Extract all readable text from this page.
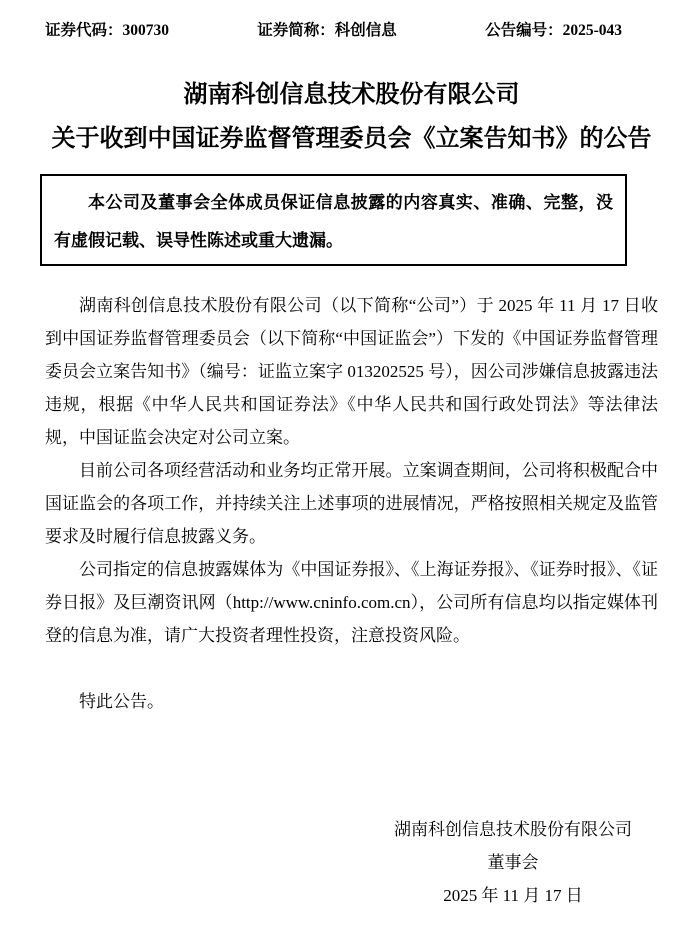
证券代码：300730	证券简称：科创信息	公告编号：2025-043
湖南科创信息技术股份有限公司
关于收到中国证券监督管理委员会《立案告知书》的公告

本公司及董事会全体成员保证信息披露的内容真实、准确、完整，没有虚假记载、误导性陈述或重大遗漏。

湖南科创信息技术股份有限公司（以下简称“公司”）于 2025 年 11 月 17 日收到中国证券监督管理委员会（以下简称“中国证监会”）下发的《中国证券监督管理委员会立案告知书》（编号：证监立案字 013202525 号），因公司涉嫌信息披露违法违规，根据《中华人民共和国证券法》《中华人民共和国行政处罚法》等法律法规，中国证监会决定对公司立案。

目前公司各项经营活动和业务均正常开展。立案调查期间，公司将积极配合中国证监会的各项工作，并持续关注上述事项的进展情况，严格按照相关规定及监管要求及时履行信息披露义务。

公司指定的信息披露媒体为《中国证券报》、《上海证券报》、《证券时报》、《证券日报》及巨潮资讯网（http://www.cninfo.com.cn），公司所有信息均以指定媒体刊登的信息为准，请广大投资者理性投资，注意投资风险。

特此公告。

湖南科创信息技术股份有限公司
董事会
2025 年 11 月 17 日
